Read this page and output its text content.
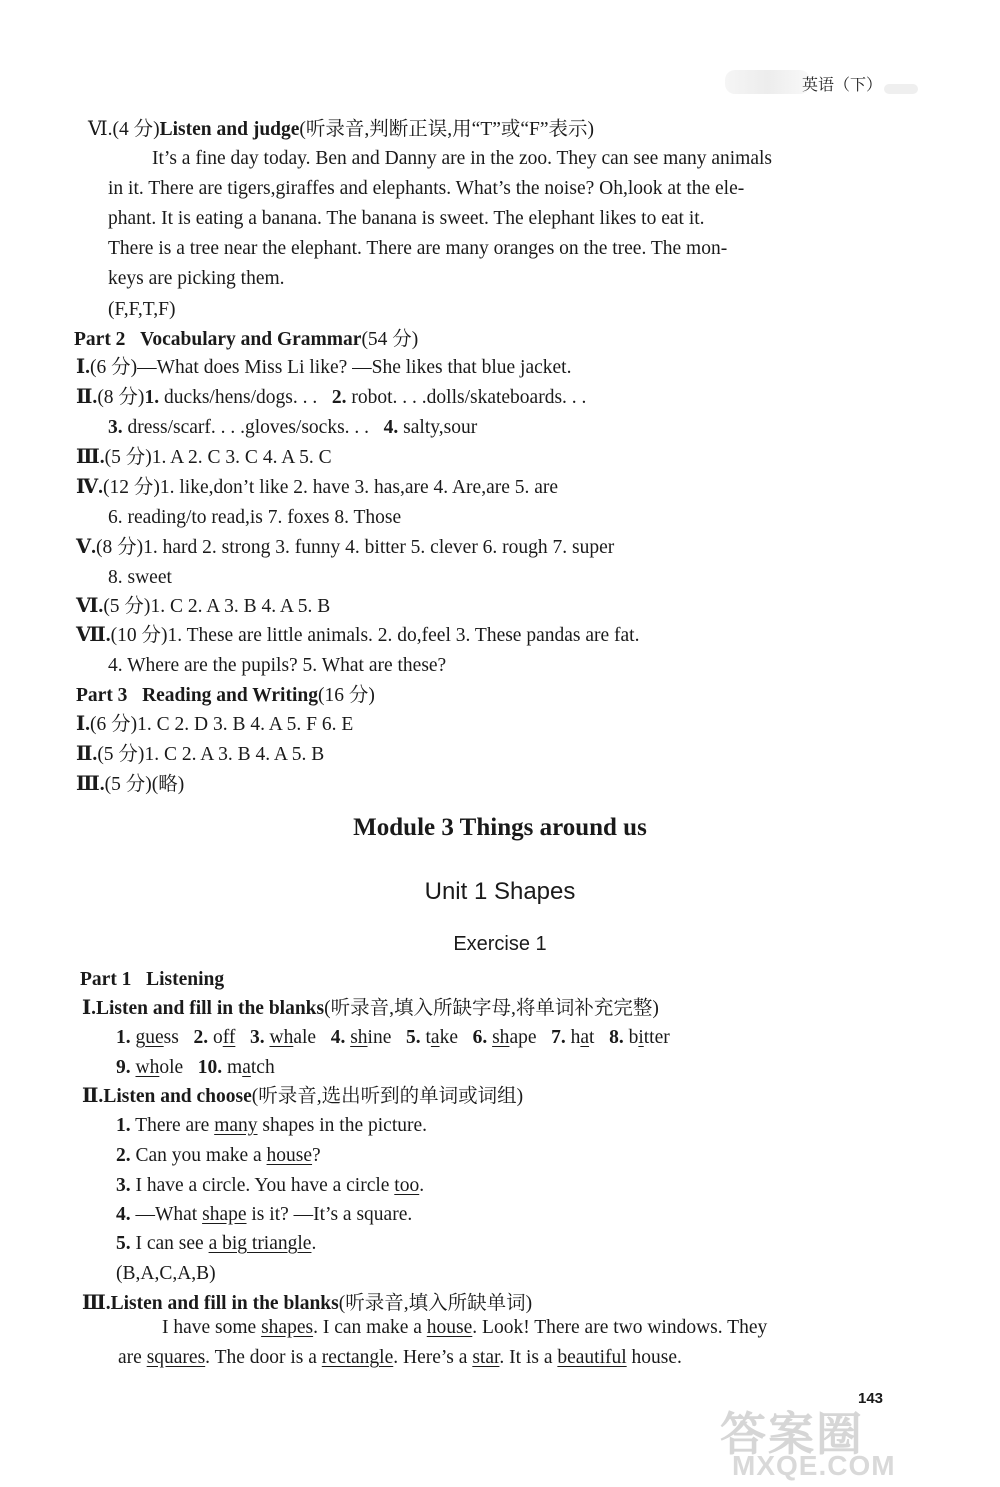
英语（下）
Ⅵ.(4 分)Listen and judge(听录音,判断正误,用“T”或“F”表示)
It’s a fine day today. Ben and Danny are in the zoo. They can see many animals
in it. There are tigers,giraffes and elephants. What’s the noise? Oh,look at the ele-
phant. It is eating a banana. The banana is sweet. The elephant likes to eat it.
There is a tree near the elephant. There are many oranges on the tree. The mon-
keys are picking them.
(F,F,T,F)
Part 2 Vocabulary and Grammar(54 分)
Ⅰ.(6 分)—What does Miss Li like? —She likes that blue jacket.
Ⅱ.(8 分)1. ducks/hens/dogs. . . 2. robot. . . .dolls/skateboards. . .
3. dress/scarf. . . .gloves/socks. . . 4. salty,sour
Ⅲ.(5 分)1. A 2. C 3. C 4. A 5. C
Ⅳ.(12 分)1. like,don’t like 2. have 3. has,are 4. Are,are 5. are
6. reading/to read,is 7. foxes 8. Those
Ⅴ.(8 分)1. hard 2. strong 3. funny 4. bitter 5. clever 6. rough 7. super
8. sweet
Ⅵ.(5 分)1. C 2. A 3. B 4. A 5. B
Ⅶ.(10 分)1. These are little animals. 2. do,feel 3. These pandas are fat.
4. Where are the pupils? 5. What are these?
Part 3 Reading and Writing(16 分)
Ⅰ.(6 分)1. C 2. D 3. B 4. A 5. F 6. E
Ⅱ.(5 分)1. C 2. A 3. B 4. A 5. B
Ⅲ.(5 分)(略)
Module 3 Things around us
Unit 1 Shapes
Exercise 1
Part 1 Listening
Ⅰ.Listen and fill in the blanks(听录音,填入所缺字母,将单词补充完整)
1. guess 2. off 3. whale 4. shine 5. take 6. shape 7. hat 8. bitter
9. whole 10. match
Ⅱ.Listen and choose(听录音,选出听到的单词或词组)
1. There are many shapes in the picture.
2. Can you make a house?
3. I have a circle. You have a circle too.
4. —What shape is it? —It’s a square.
5. I can see a big triangle.
(B,A,C,A,B)
Ⅲ.Listen and fill in the blanks(听录音,填入所缺单词)
I have some shapes. I can make a house. Look! There are two windows. They
are squares. The door is a rectangle. Here’s a star. It is a beautiful house.
143
答案圈
MXQE.COM
